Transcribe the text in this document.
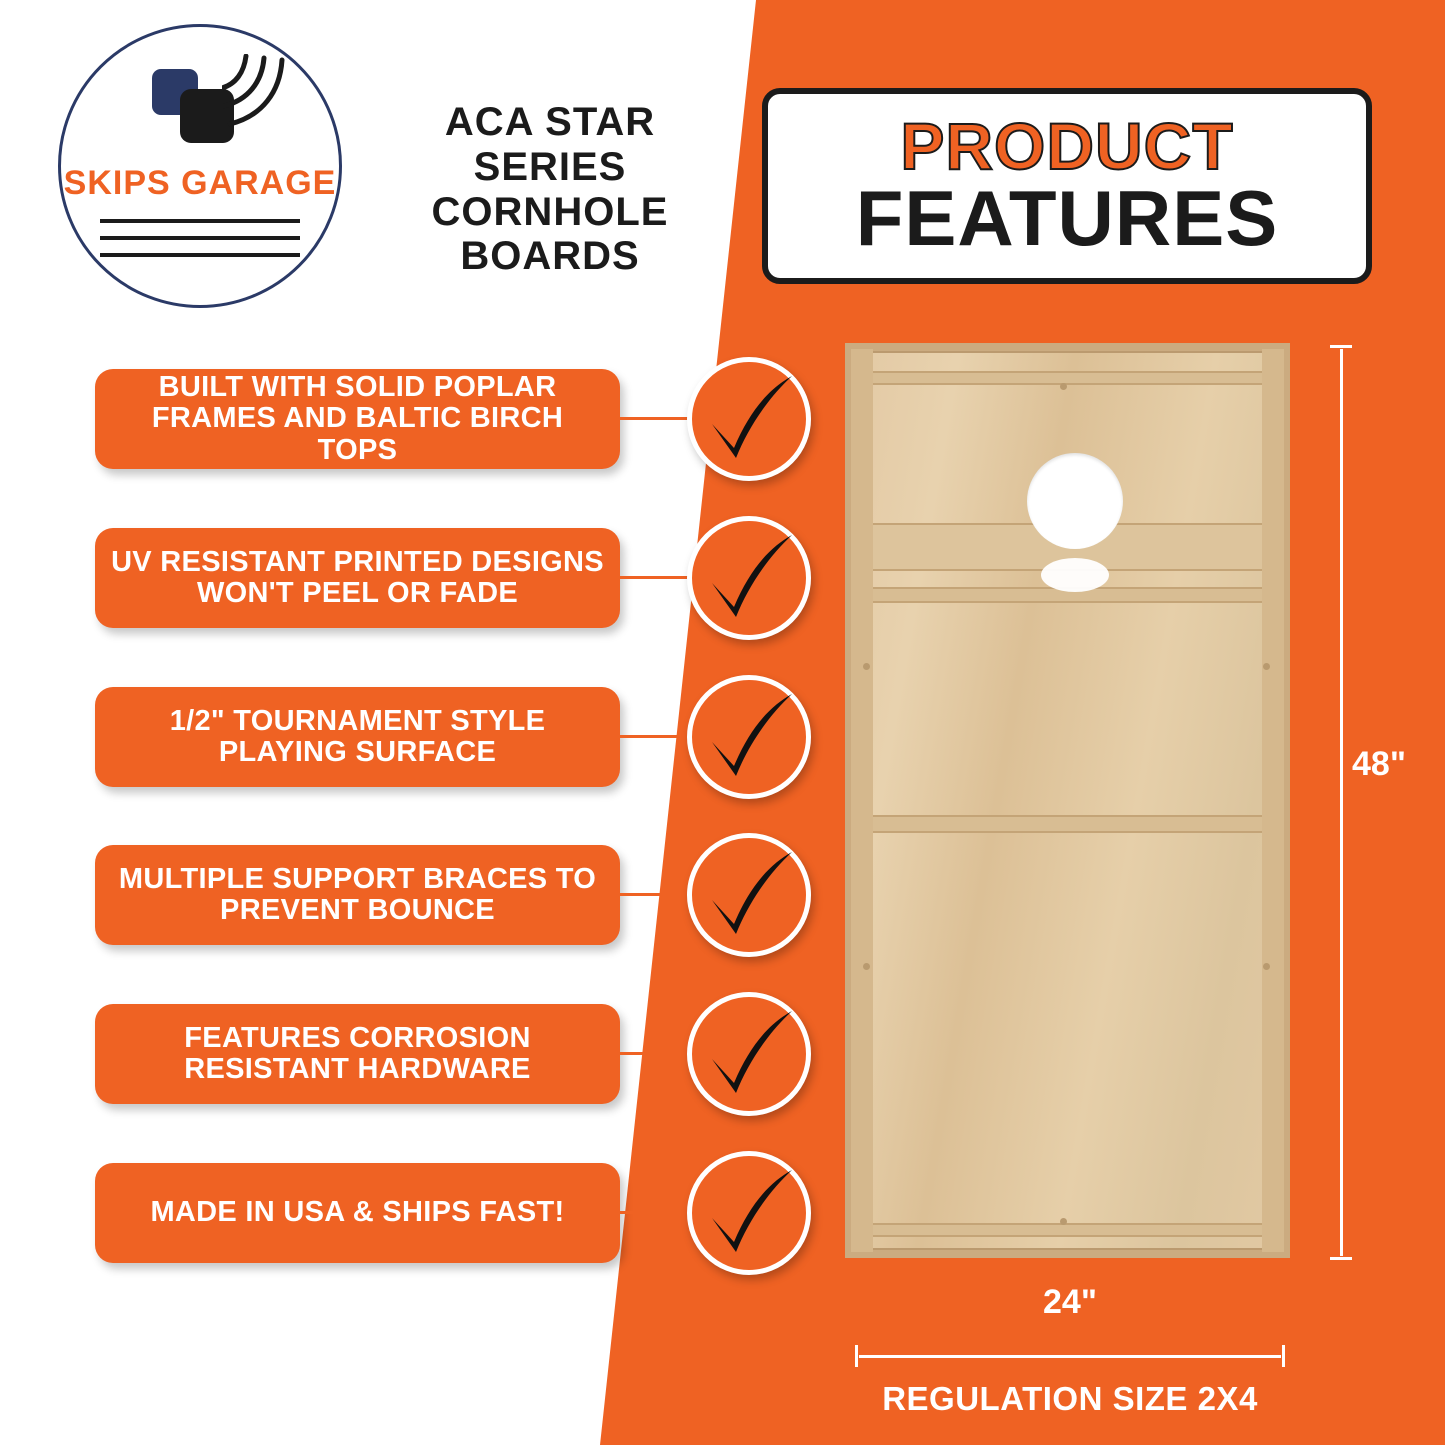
SKIPS GARAGE
ACA STAR SERIES CORNHOLE BOARDS
PRODUCT
FEATURES
BUILT WITH SOLID POPLAR FRAMES AND BALTIC BIRCH TOPS
UV RESISTANT PRINTED DESIGNS WON'T PEEL OR FADE
1/2" TOURNAMENT STYLE PLAYING SURFACE
MULTIPLE SUPPORT BRACES TO PREVENT BOUNCE
FEATURES CORROSION RESISTANT HARDWARE
MADE IN USA & SHIPS FAST!
48"
24"
REGULATION SIZE 2X4
